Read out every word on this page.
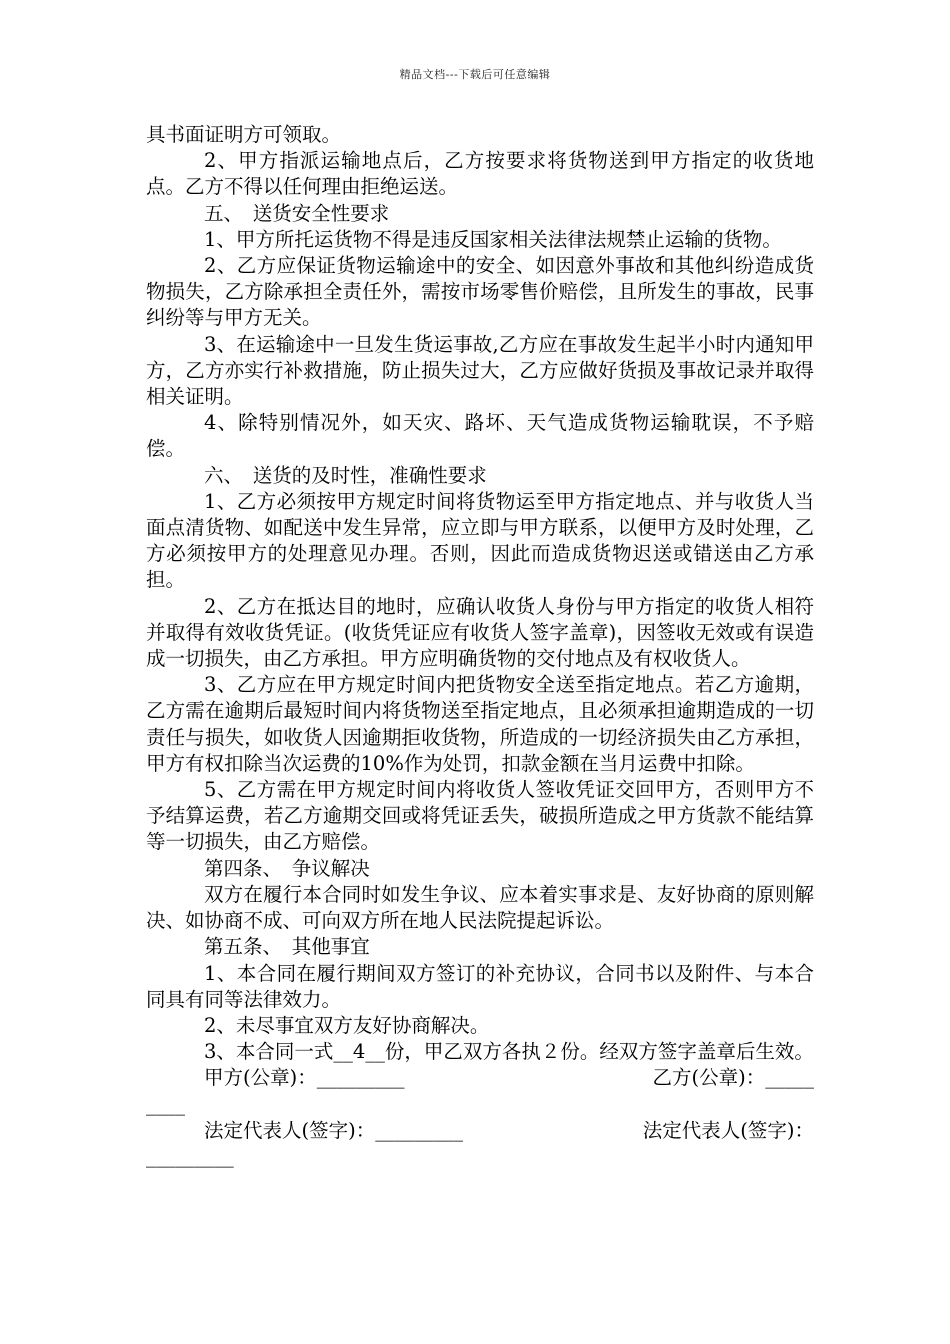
精品文档---下载后可任意编辑

具书面证明方可领取。

2、甲方指派运输地点后，乙方按要求将货物送到甲方指定的收货地点。乙方不得以任何理由拒绝运送。

五、　送货安全性要求

1、甲方所托运货物不得是违反国家相关法律法规禁止运输的货物。

2、乙方应保证货物运输途中的安全、如因意外事故和其他纠纷造成货物损失，乙方除承担全责任外，需按市场零售价赔偿，且所发生的事故，民事纠纷等与甲方无关。

3、在运输途中一旦发生货运事故,乙方应在事故发生起半小时内通知甲方，乙方亦实行补救措施，防止损失过大，乙方应做好货损及事故记录并取得相关证明。

4、除特别情况外，如天灾、路坏、天气造成货物运输耽误，不予赔偿。

六、　送货的及时性，准确性要求

1、乙方必须按甲方规定时间将货物运至甲方指定地点、并与收货人当面点清货物、如配送中发生异常，应立即与甲方联系，以便甲方及时处理，乙方必须按甲方的处理意见办理。否则，因此而造成货物迟送或错送由乙方承担。

2、乙方在抵达目的地时，应确认收货人身份与甲方指定的收货人相符并取得有效收货凭证。(收货凭证应有收货人签字盖章)，因签收无效或有误造成一切损失，由乙方承担。甲方应明确货物的交付地点及有权收货人。

3、乙方应在甲方规定时间内把货物安全送至指定地点。若乙方逾期，乙方需在逾期后最短时间内将货物送至指定地点，且必须承担逾期造成的一切责任与损失，如收货人因逾期拒收货物，所造成的一切经济损失由乙方承担，甲方有权扣除当次运费的10%作为处罚，扣款金额在当月运费中扣除。

5、乙方需在甲方规定时间内将收货人签收凭证交回甲方，否则甲方不予结算运费，若乙方逾期交回或将凭证丢失，破损所造成之甲方货款不能结算等一切损失，由乙方赔偿。

第四条、　争议解决

双方在履行本合同时如发生争议、应本着实事求是、友好协商的原则解决、如协商不成、可向双方所在地人民法院提起诉讼。

第五条、　其他事宜

1、本合同在履行期间双方签订的补充协议，合同书以及附件、与本合同具有同等法律效力。

2、未尽事宜双方友好协商解决。

3、本合同一式__4__份，甲乙双方各执２份。经双方签字盖章后生效。

甲方(公章)：_________	乙方(公章)：_____

____

法定代表人(签字)：_________	法定代表人(签字)：

_________
